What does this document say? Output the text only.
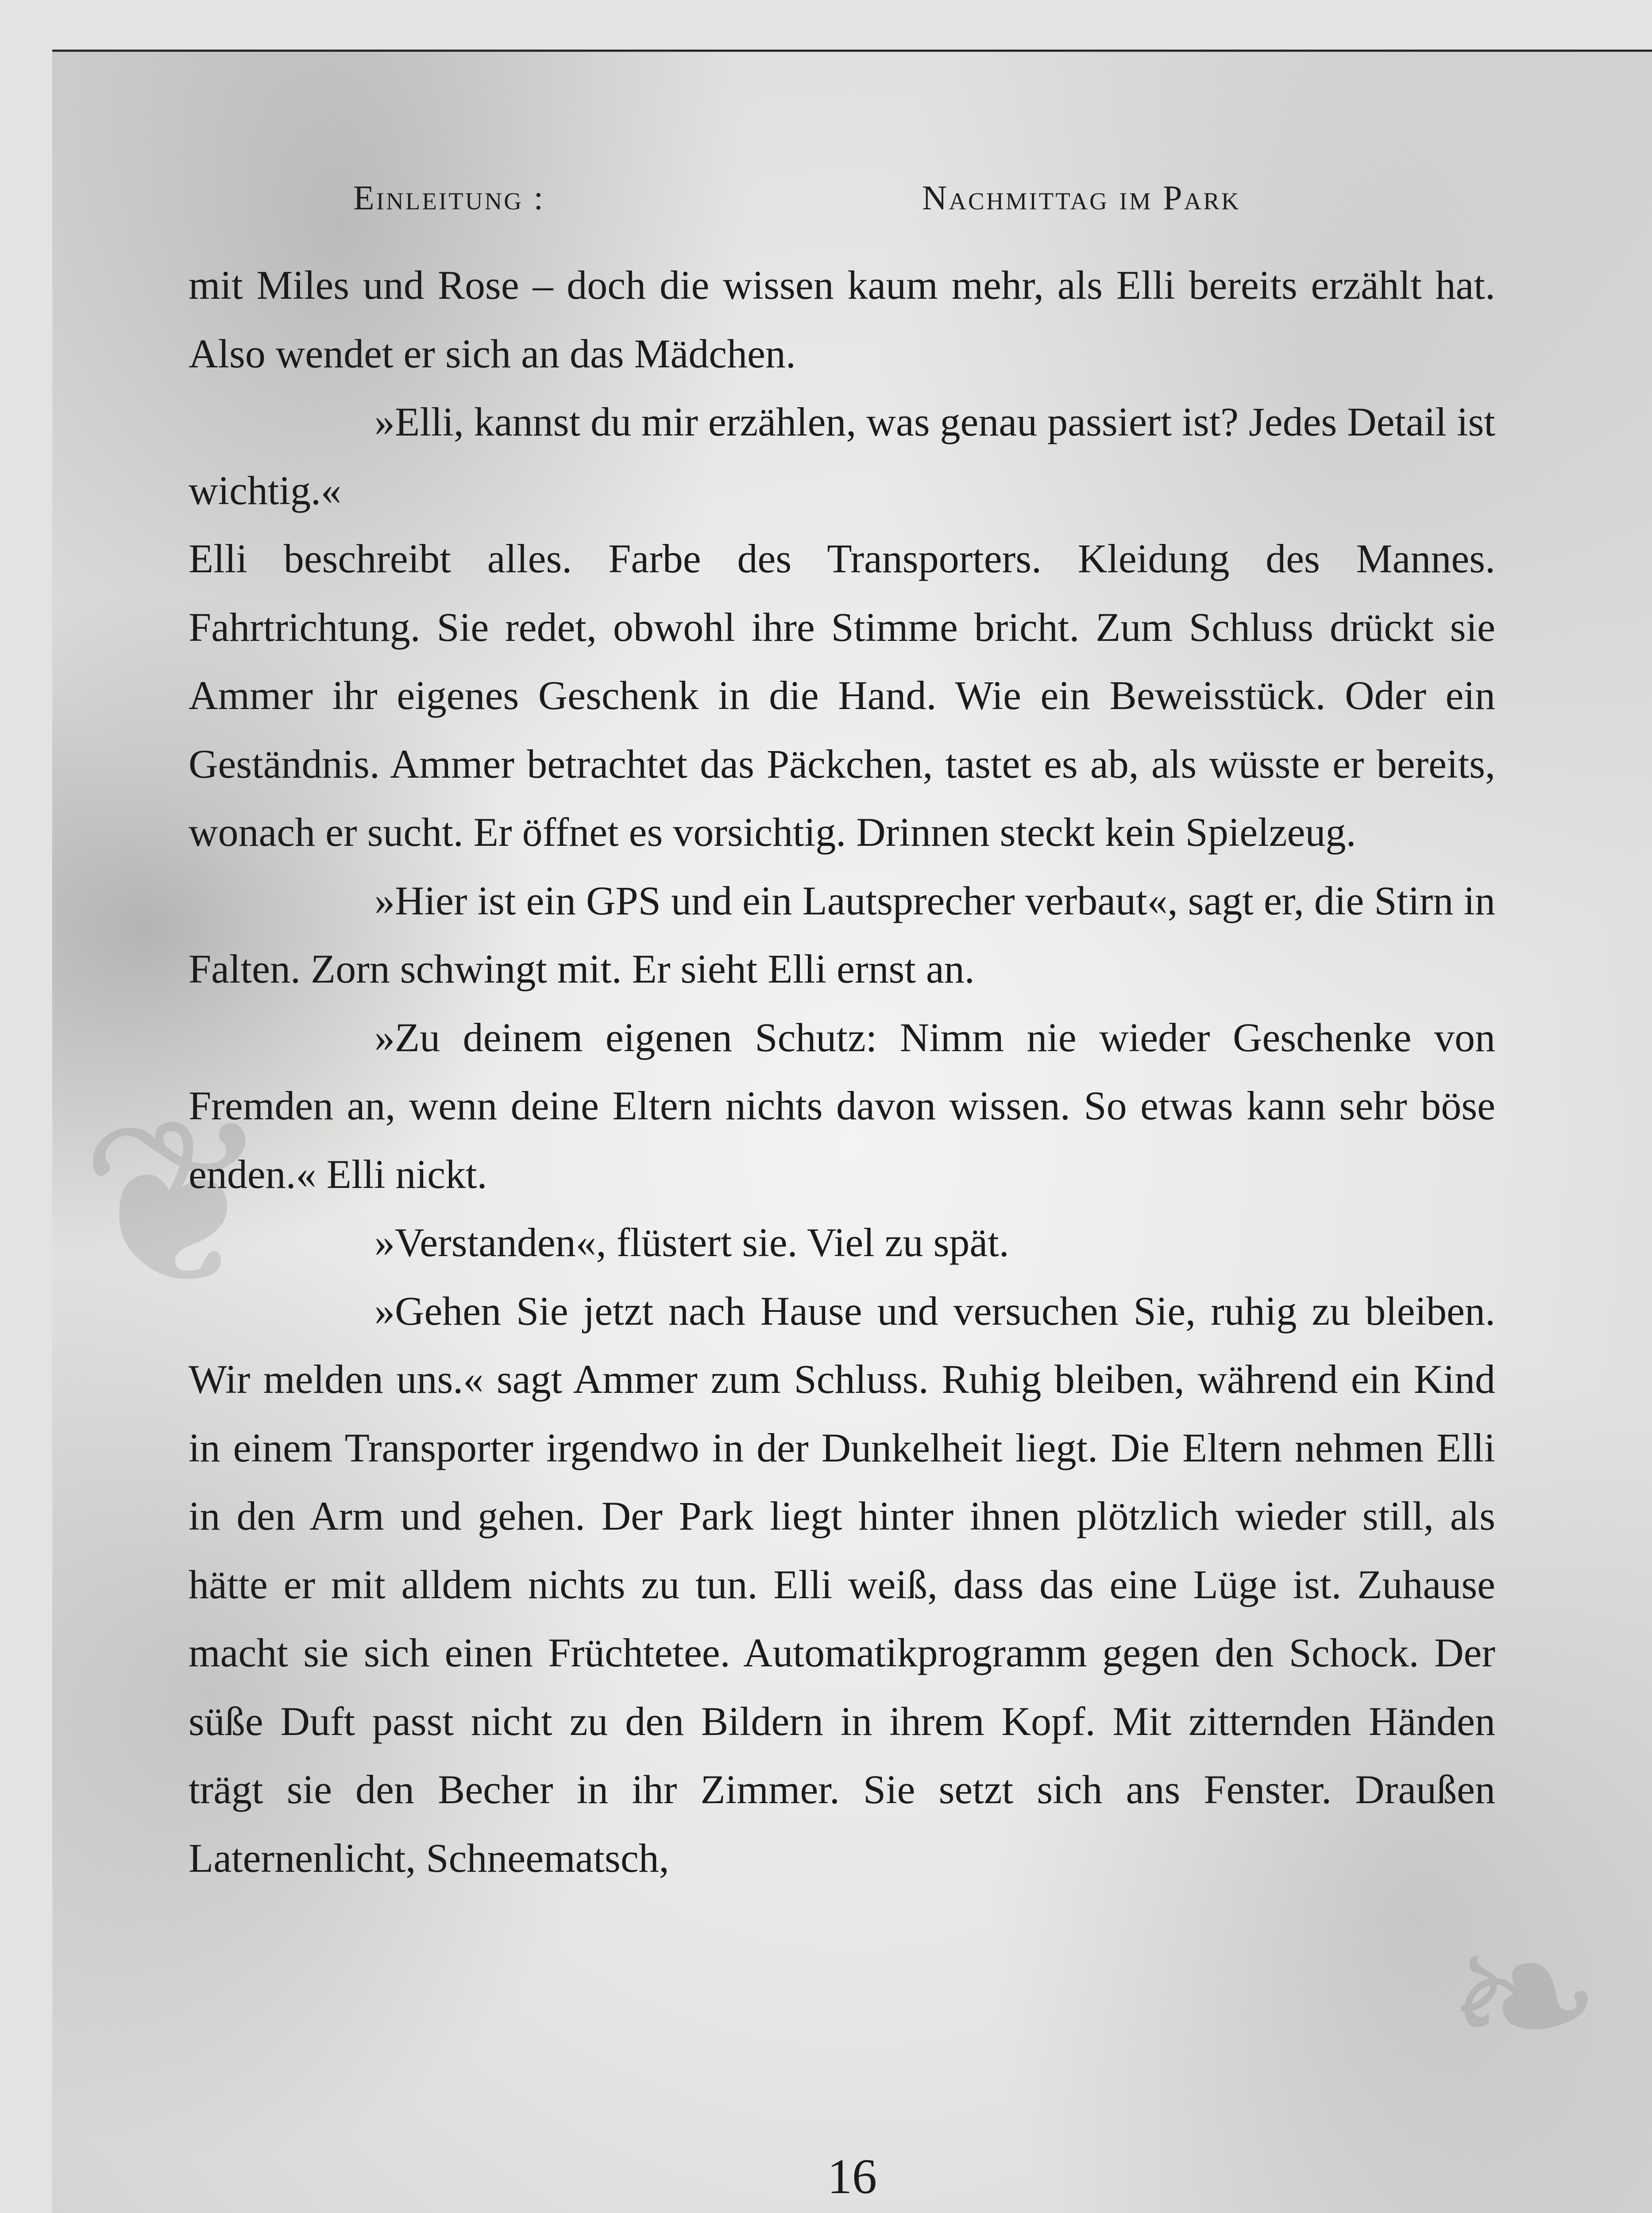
❦
❧
Einleitung :	Nachmittag im Park

mit Miles und Rose – doch die wissen kaum mehr, als Elli bereits erzählt hat. Also wendet er sich an das Mädchen.

»Elli, kannst du mir erzählen, was genau passiert ist? Jedes Detail ist wichtig.«

Elli beschreibt alles. Farbe des Transporters. Kleidung des Mannes. Fahrtrichtung. Sie redet, obwohl ihre Stimme bricht. Zum Schluss drückt sie Ammer ihr eigenes Geschenk in die Hand. Wie ein Beweisstück. Oder ein Geständnis. Ammer betrachtet das Päckchen, tastet es ab, als wüsste er bereits, wonach er sucht. Er öffnet es vorsichtig. Drinnen steckt kein Spielzeug.

»Hier ist ein GPS und ein Lautsprecher verbaut«, sagt er, die Stirn in Falten. Zorn schwingt mit. Er sieht Elli ernst an.

»Zu deinem eigenen Schutz: Nimm nie wieder Geschenke von Fremden an, wenn deine Eltern nichts davon wissen. So etwas kann sehr böse enden.« Elli nickt.

»Verstanden«, flüstert sie. Viel zu spät.

»Gehen Sie jetzt nach Hause und versuchen Sie, ruhig zu bleiben. Wir melden uns.« sagt Ammer zum Schluss. Ruhig bleiben, während ein Kind in einem Transporter irgendwo in der Dunkelheit liegt. Die Eltern nehmen Elli in den Arm und gehen. Der Park liegt hinter ihnen plötzlich wieder still, als hätte er mit alldem nichts zu tun. Elli weiß, dass das eine Lüge ist. Zuhause macht sie sich einen Früchtetee. Automatikprogramm gegen den Schock. Der süße Duft passt nicht zu den Bildern in ihrem Kopf. Mit zitternden Händen trägt sie den Becher in ihr Zimmer. Sie setzt sich ans Fenster. Draußen Laternenlicht, Schneematsch,

16
